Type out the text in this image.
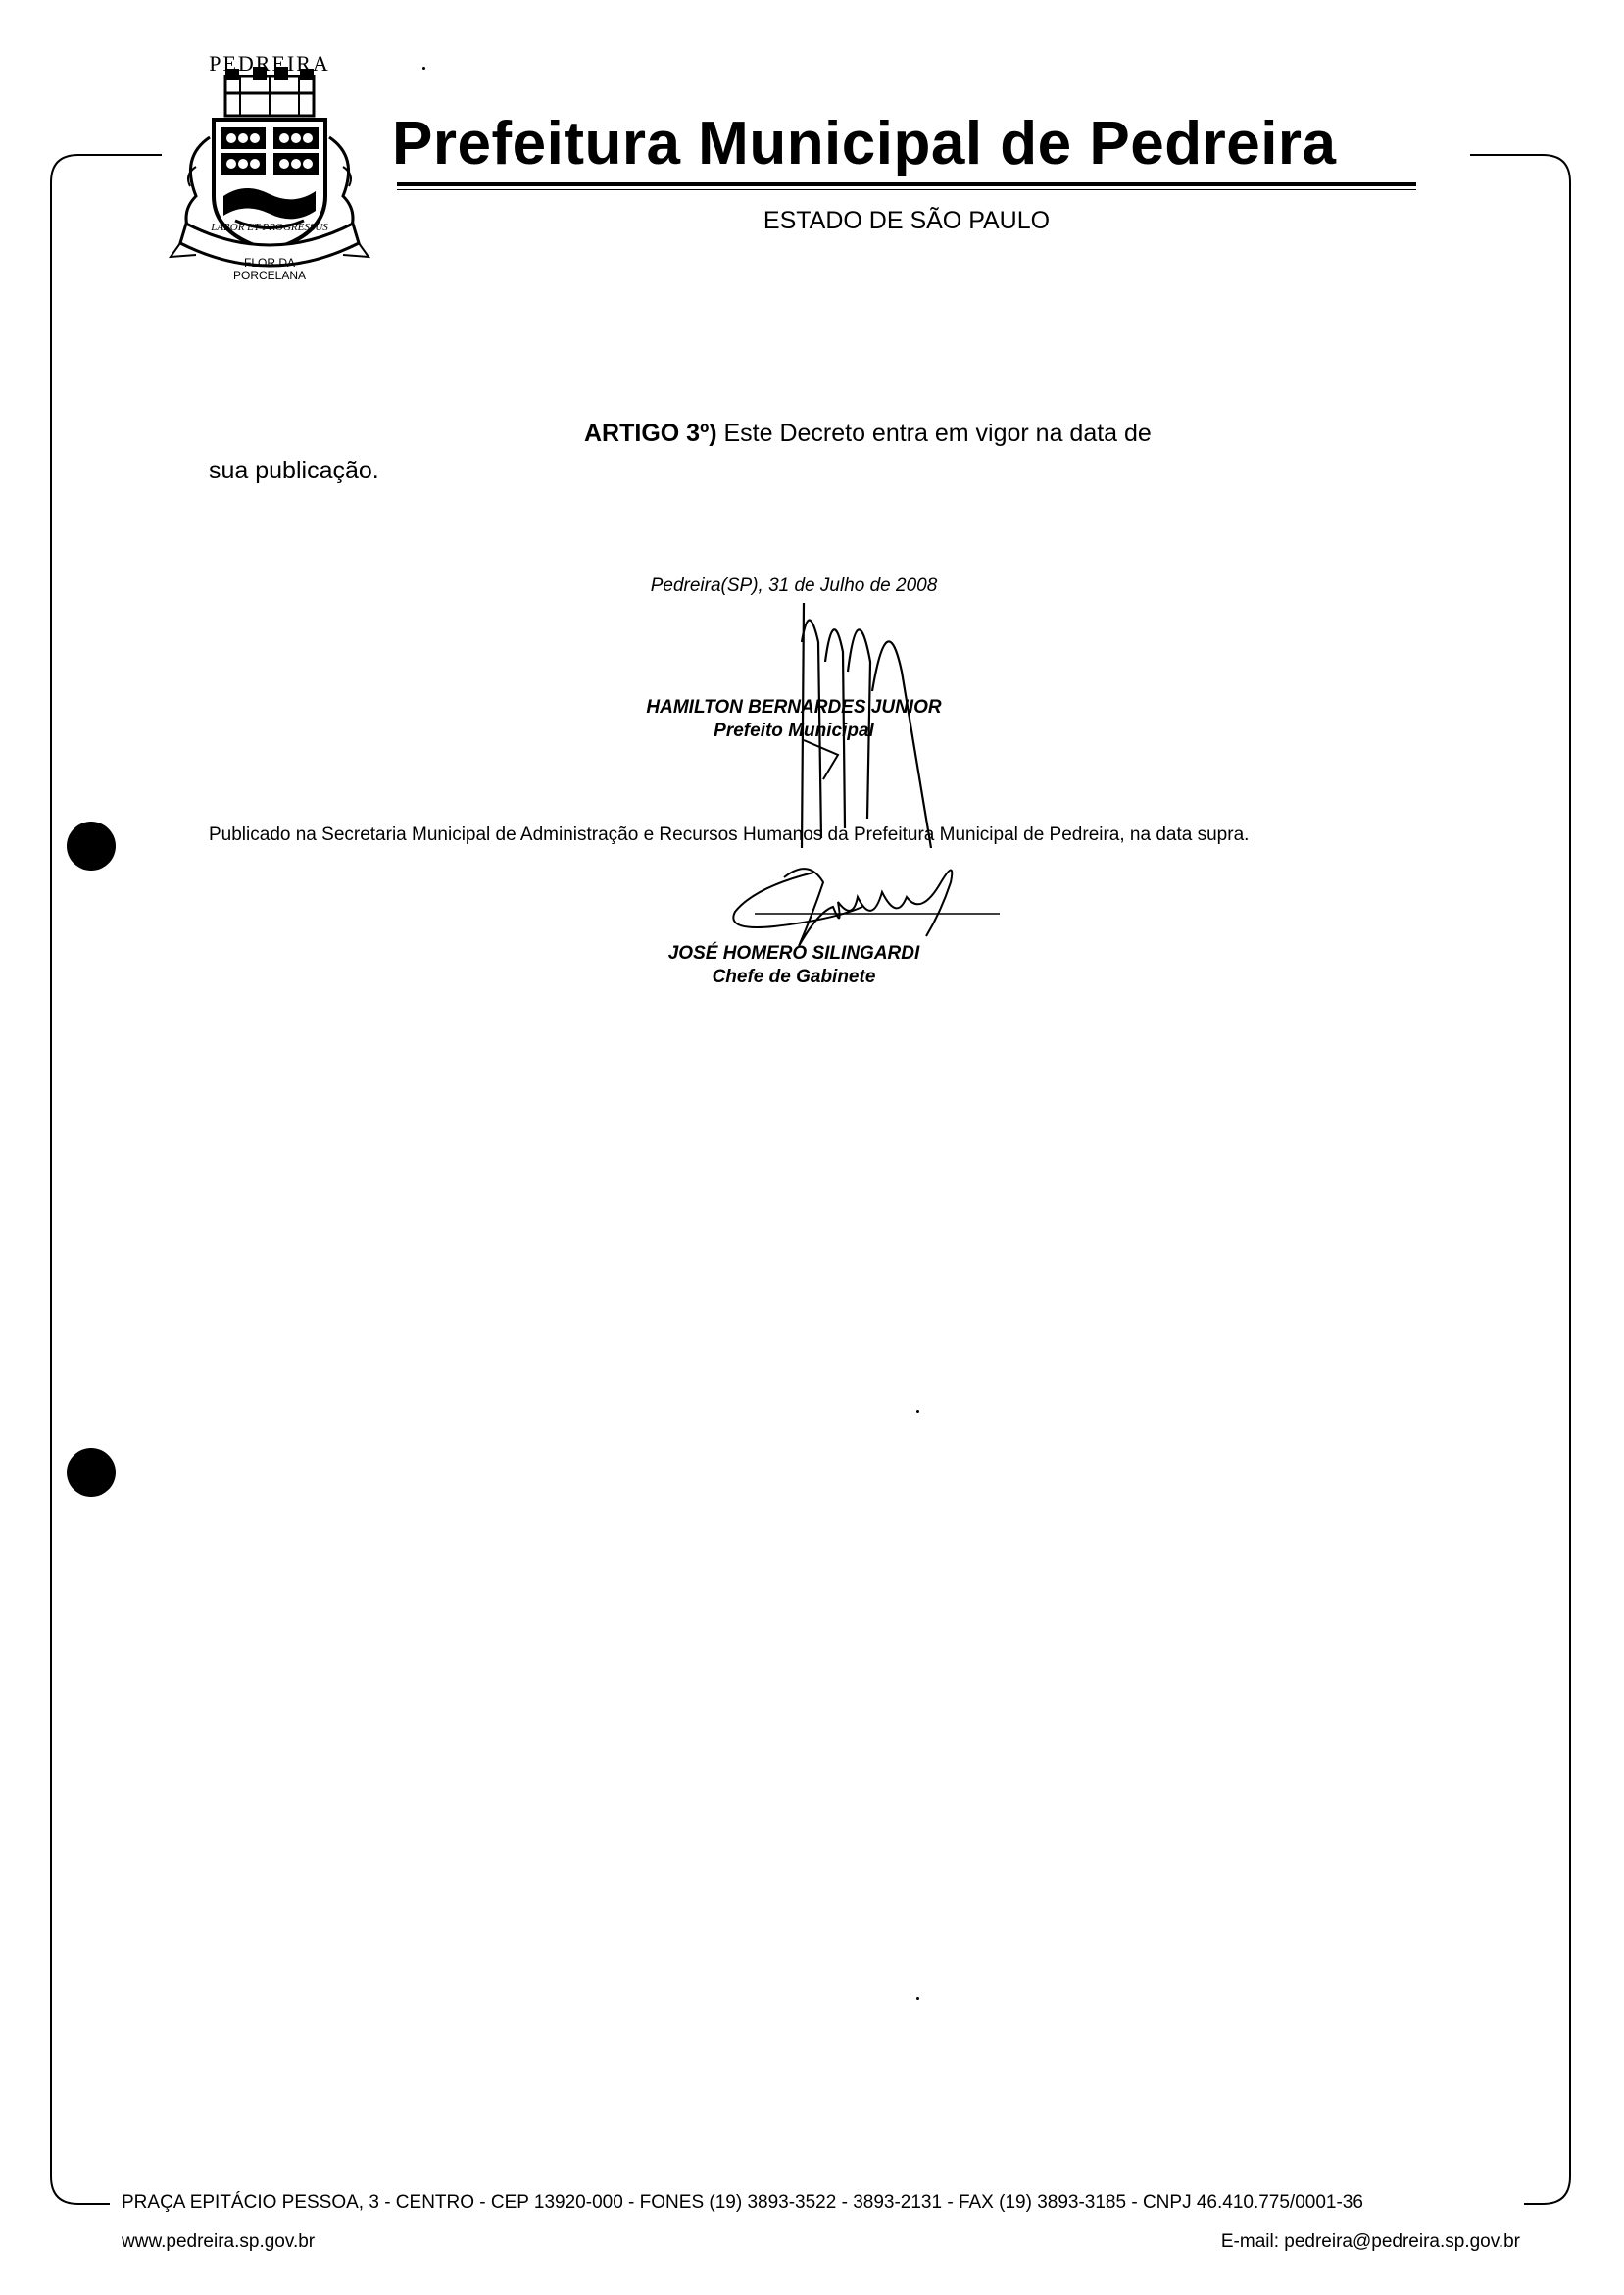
PEDREIRA
LABOR ET PROGRESSUS
FLOR DA
PORCELANA
Prefeitura Municipal de Pedreira
ESTADO DE SÃO PAULO
ARTIGO 3º) Este Decreto entra em vigor na data de
sua publicação.
Pedreira(SP), 31 de Julho de 2008
HAMILTON BERNARDES JUNIOR
Prefeito Municipal
Publicado na Secretaria Municipal de Administração e Recursos Humanos da Prefeitura Municipal de Pedreira, na data supra.
JOSÉ HOMERO SILINGARDI
Chefe de Gabinete
PRAÇA EPITÁCIO PESSOA, 3 - CENTRO - CEP 13920-000 - FONES (19) 3893-3522 - 3893-2131 - FAX (19) 3893-3185 - CNPJ 46.410.775/0001-36
www.pedreira.sp.gov.br	E-mail: pedreira@pedreira.sp.gov.br
